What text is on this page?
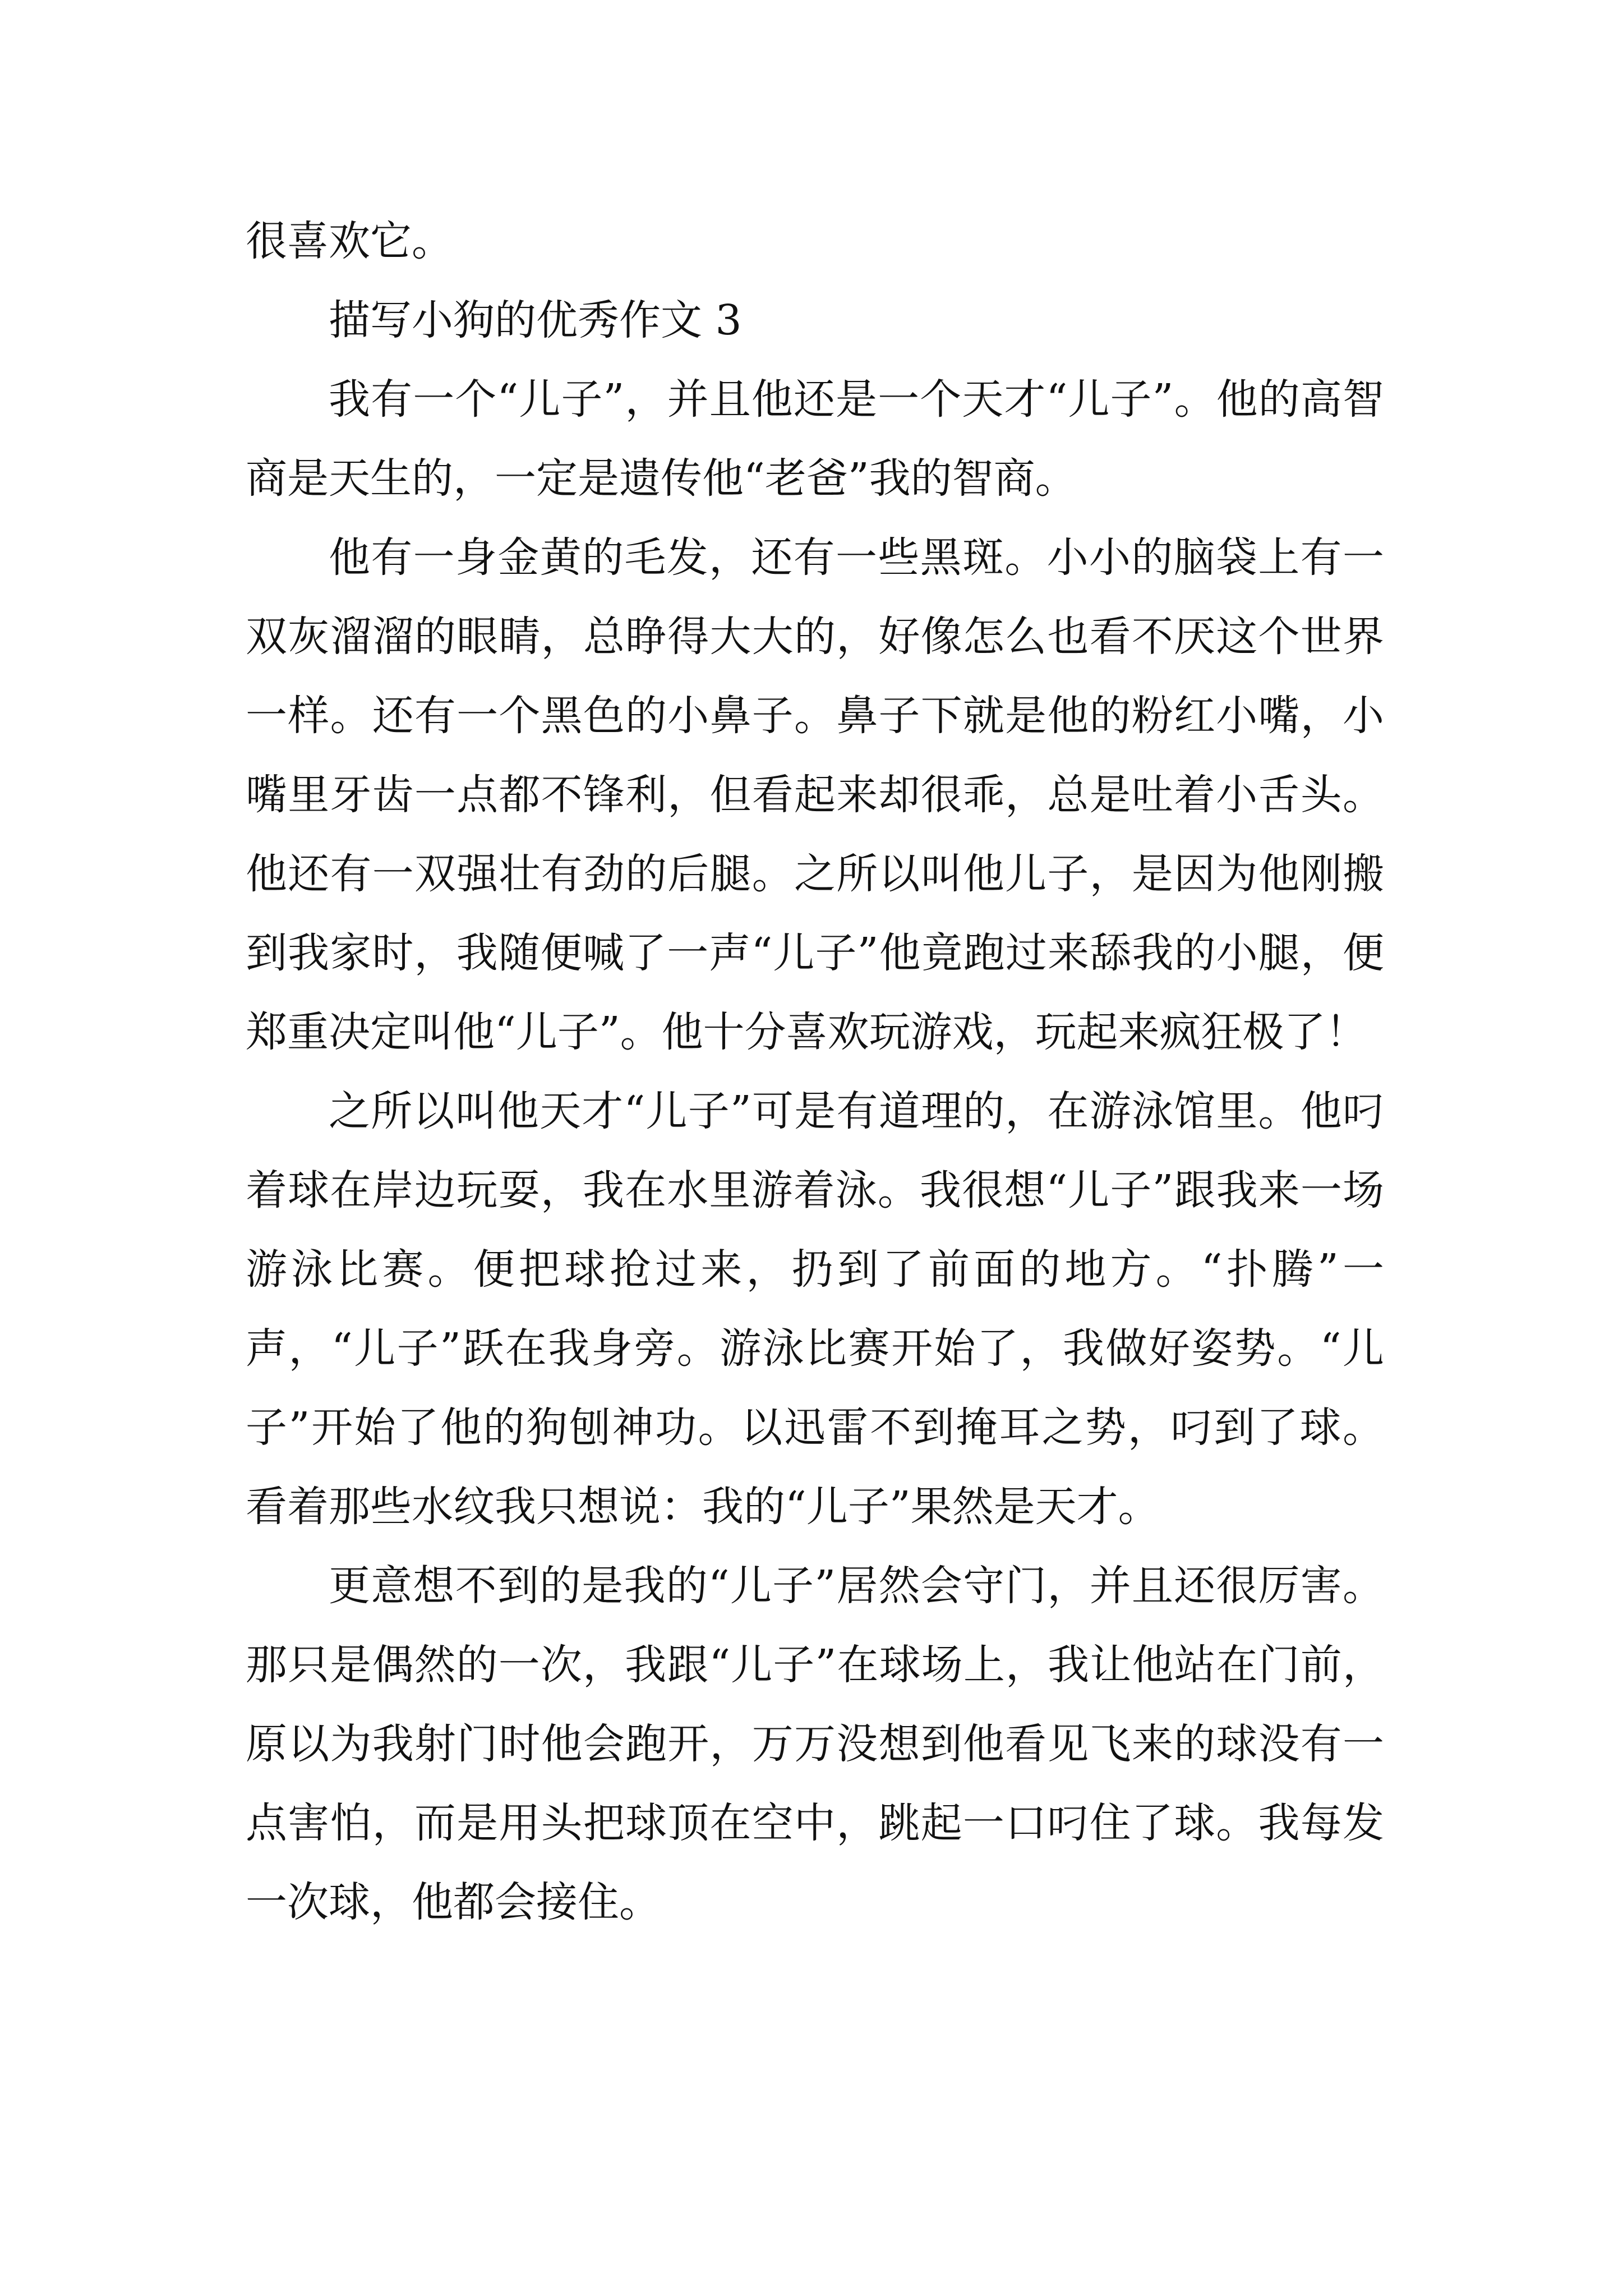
很喜欢它。

描写小狗的优秀作文 3

我有一个“儿子”，并且他还是一个天才“儿子”。他的高智商是天生的，一定是遗传他“老爸”我的智商。

他有一身金黄的毛发，还有一些黑斑。小小的脑袋上有一双灰溜溜的眼睛，总睁得大大的，好像怎么也看不厌这个世界一样。还有一个黑色的小鼻子。鼻子下就是他的粉红小嘴，小嘴里牙齿一点都不锋利，但看起来却很乖，总是吐着小舌头。他还有一双强壮有劲的后腿。之所以叫他儿子，是因为他刚搬到我家时，我随便喊了一声“儿子”他竟跑过来舔我的小腿，便郑重决定叫他“儿子”。他十分喜欢玩游戏，玩起来疯狂极了！

之所以叫他天才“儿子”可是有道理的，在游泳馆里。他叼着球在岸边玩耍，我在水里游着泳。我很想“儿子”跟我来一场游泳比赛。便把球抢过来，扔到了前面的地方。“扑腾”一声，“儿子”跃在我身旁。游泳比赛开始了，我做好姿势。“儿子”开始了他的狗刨神功。以迅雷不到掩耳之势，叼到了球。看着那些水纹我只想说：我的“儿子”果然是天才。

更意想不到的是我的“儿子”居然会守门，并且还很厉害。那只是偶然的一次，我跟“儿子”在球场上，我让他站在门前，原以为我射门时他会跑开，万万没想到他看见飞来的球没有一点害怕，而是用头把球顶在空中，跳起一口叼住了球。我每发一次球，他都会接住。
